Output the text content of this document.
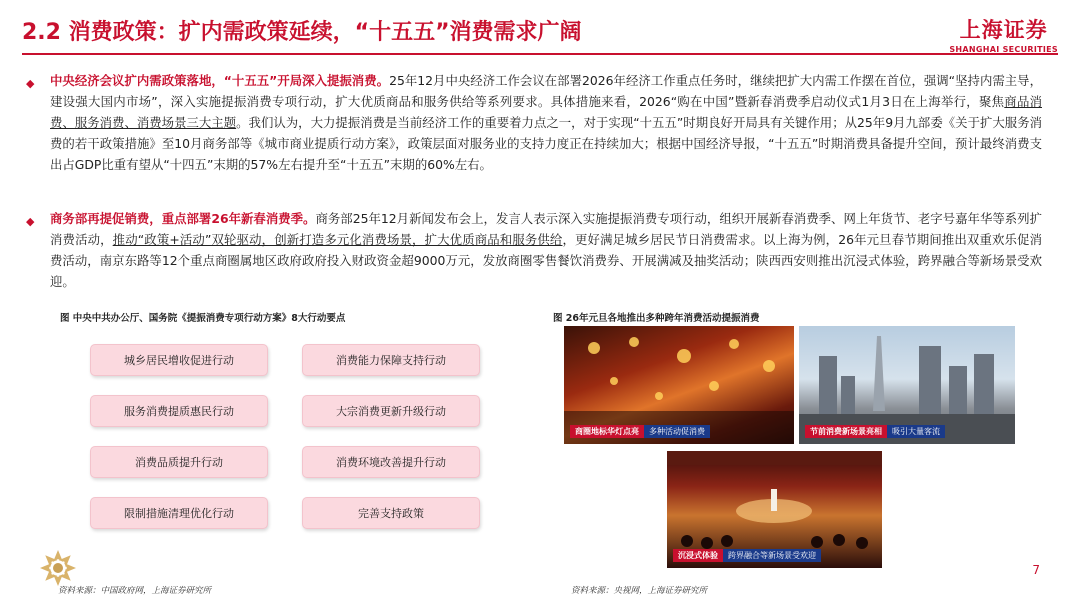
2.2 消费政策：扩内需政策延续，“十五五”消费需求广阔	上海证券
SHANGHAI SECURITIES
◆ 中央经济会议扩内需政策落地，“十五五”开局深入提振消费。25年12月中央经济工作会议在部署2026年经济工作重点任务时，继续把扩大内需工作摆在首位，强调“坚持内需主导，建设强大国内市场”，深入实施提振消费专项行动，扩大优质商品和服务供给等系列要求。具体措施来看，2026“购在中国”暨新春消费季启动仪式1月3日在上海举行，聚焦商品消费、服务消费、消费场景三大主题。我们认为，大力提振消费是当前经济工作的重要着力点之一，对于实现“十五五”时期良好开局具有关键作用；从25年9月九部委《关于扩大服务消费的若干政策措施》至10月商务部等《城市商业提质行动方案》，政策层面对服务业的支持力度正在持续加大；根据中国经济导报，“十五五”时期消费具备提升空间，预计最终消费支出占GDP比重有望从“十四五”末期的57%左右提升至“十五五”末期的60%左右。

◆ 商务部再提促销费，重点部署26年新春消费季。商务部25年12月新闻发布会上，发言人表示深入实施提振消费专项行动，组织开展新春消费季、网上年货节、老字号嘉年华等系列扩消费活动，推动“政策+活动”双轮驱动，创新打造多元化消费场景，扩大优质商品和服务供给，更好满足城乡居民节日消费需求。以上海为例，26年元旦春节期间推出双重欢乐促消费活动，南京东路等12个重点商圈属地区政府政府投入财政资金超9000万元，发放商圈零售餐饮消费券、开展满减及抽奖活动；陕西西安则推出沉浸式体验，跨界融合等新场景受欢迎。

图 中央中共办公厅、国务院《提振消费专项行动方案》8大行动要点
城乡居民增收促进行动	消费能力保障支持行动
服务消费提质惠民行动	大宗消费更新升级行动
消费品质提升行动	消费环境改善提升行动
限制措施清理优化行动	完善支持政策
图 26年元旦各地推出多种跨年消费活动提振消费
商圈地标华灯点亮	多种活动促消费	节前消费新场景亮相	吸引大量客流
沉浸式体验	跨界融合等新场景受欢迎
资料来源：中国政府网，上海证券研究所	资料来源：央视网，上海证券研究所
7
